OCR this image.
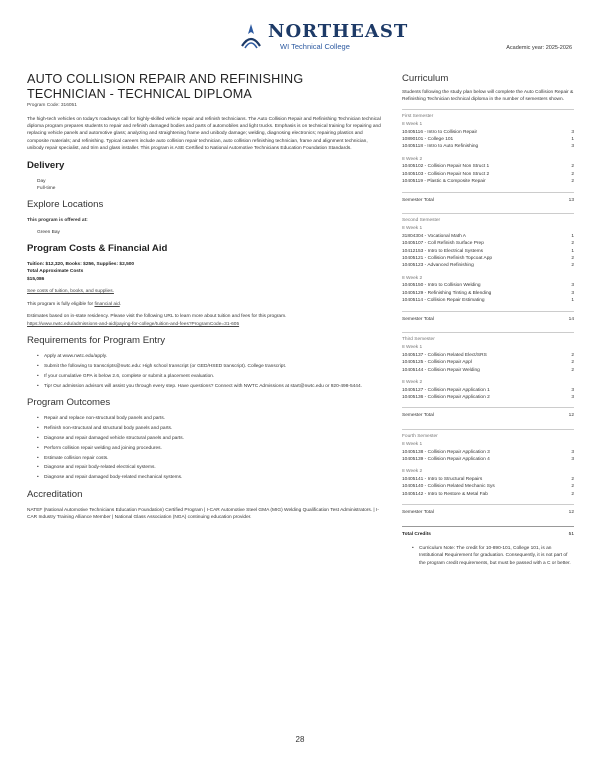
NORTHEAST
WI Technical College	Academic year: 2025-2026
AUTO COLLISION REPAIR AND REFINISHING TECHNICIAN - TECHNICAL DIPLOMA
Program Code: 316051
The high-tech vehicles on today's roadways call for highly-skilled vehicle repair and refinish technicians. The Auto Collision Repair and Refinishing Technician technical diploma program prepares students to repair and refinish damaged bodies and parts of automobiles and light trucks. Emphasis is on technical training for repairing and replacing vehicle panels and automotive glass; analyzing and straightening frame and unibody damage; welding, diagnosing electronics; repairing plastics and composite materials; and refinishing. Typical careers include auto collision repair technician, auto collision refinishing technician, frame and alignment technician, unibody repair specialist, and trim and glass installer. This program is ASE Certified to National Automotive Technicians Education Foundation Standards.
Delivery
Day
Full-time
Explore Locations
This program is offered at:
Green Bay
Program Costs & Financial Aid
Tuition: $12,320, Books: $256, Supplies: $2,500
Total Approximate Costs
$15,086
See costs of tuition, books, and supplies.
This program is fully eligible for financial aid.
Estimates based on in-state residency. Please visit the following URL to learn more about tuition and fees for this program.
https://www.nwtc.edu/admissions-and-aid/paying-for-college/tuition-and-fees?ProgramCode=31-605
Requirements for Program Entry
• Apply at www.nwtc.edu/apply.
• Submit the following to transcripts@nwtc.edu: High school transcript (or GED/HSED transcript). College transcript.
• If your cumulative GPA is below 2.6, complete or submit a placement evaluation.
• Tip! Our admission advisors will assist you through every step. Have questions? Connect with NWTC Admissions at start@nwtc.edu or 920-498-5444.
Program Outcomes
• Repair and replace non-structural body panels and parts.
• Refinish non-structural and structural body panels and parts.
• Diagnose and repair damaged vehicle structural panels and parts.
• Perform collision repair welding and joining procedures.
• Estimate collision repair costs.
• Diagnose and repair body-related electrical systems.
• Diagnose and repair damaged body-related mechanical systems.
Accreditation
NATEF (National Automotive Technicians Education Foundation) Certified Program | I-CAR Automotive Steel GMA (MIG) Welding Qualification Test Administrators. | I-CAR Industry Training Alliance Member | National Glass Association (NGA) continuing education provider.
Curriculum
Students following the study plan below will complete the Auto Collision Repair & Refinishing Technician technical diploma in the number of semesters shown.
First Semester
8 Week 1
10405116 - Intro to Collision Repair	3
10890101 - College 101	1
10405118 - Intro to Auto Refinishing	3
8 Week 2
10405102 - Collision Repair Non Struct 1	2
10405103 - Collision Repair Non Struct 2	2
10405119 - Plastic & Composite Repair	2
Semester Total	13
Second Semester
8 Week 1
31804304 - Vocational Math A	1
10405107 - Coll Refinish Surface Prep	2
10412153 - Intro to Electrical Systems	1
10405121 - Collision Refinish Topcoat App	2
10405123 - Advanced Refinishing	2
8 Week 2
10405150 - Intro to Collision Welding	3
10405129 - Refinishing Tinting & Blending	3
10405114 - Collision Repair Estimating	1
Semester Total	14
Third Semester
8 Week 1
10405137 - Collision Related Elect/SRS	2
10405125 - Collision Repair Appl	2
10405144 - Collision Repair Welding	2
8 Week 2
10405127 - Collision Repair Application 1	3
10405136 - Collision Repair Application 2	3
Semester Total	12
Fourth Semester
8 Week 1
10405138 - Collision Repair Application 3	3
10405139 - Collision Repair Application 4	3
8 Week 2
10405141 - Intro to Structural Repairs	2
10405140 - Collision Related Mechanic Sys	2
10405142 - Intro to Restore & Metal Fab	2
Semester Total	12
Total Credits	51
• Curriculum Note: The credit for 10-890-101, College 101, is an Institutional Requirement for graduation. Consequently, it is not part of the program credit requirements, but must be passed with a C or better.
28
